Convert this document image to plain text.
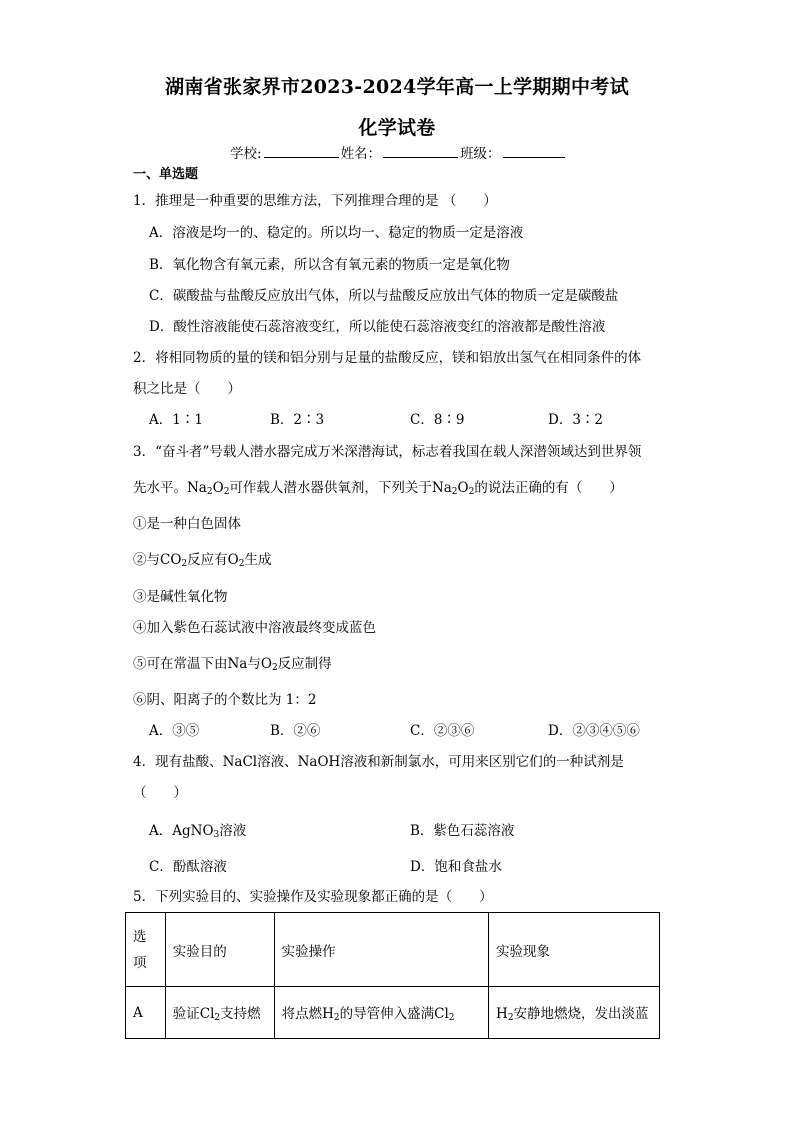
湖南省张家界市2023-2024学年高一上学期期中考试
化学试卷
学校:	姓名：	班级：
一、单选题
1．推理是一种重要的思维方法，下列推理合理的是 （　　）
A．溶液是均一的、稳定的。所以均一、稳定的物质一定是溶液
B．氧化物含有氧元素，所以含有氧元素的物质一定是氧化物
C．碳酸盐与盐酸反应放出气体，所以与盐酸反应放出气体的物质一定是碳酸盐
D．酸性溶液能使石蕊溶液变红，所以能使石蕊溶液变红的溶液都是酸性溶液
2．将相同物质的量的镁和铝分别与足量的盐酸反应，镁和铝放出氢气在相同条件的体
积之比是（　　）
A．1∶1	B．2∶3	C．8∶9	D．3∶2
3．“奋斗者”号载人潜水器完成万米深潜海试，标志着我国在载人深潜领域达到世界领
先水平。$Na_2O_2$可作载人潜水器供氧剂，下列关于$Na_2O_2$的说法正确的有（　　）
①是一种白色固体
②与$CO_2$反应有$O_2$生成
③是碱性氧化物
④加入紫色石蕊试液中溶液最终变成蓝色
⑤可在常温下由Na与$O_2$反应制得
⑥阴、阳离子的个数比为 1：2
A．③⑤	B．②⑥	C．②③⑥	D．②③④⑤⑥
4．现有盐酸、NaCl溶液、NaOH溶液和新制氯水，可用来区别它们的一种试剂是
（　　）
A．AgNO$_3$溶液	B．紫色石蕊溶液
C．酚酞溶液	D．饱和食盐水
5．下列实验目的、实验操作及实验现象都正确的是（　　）
选项	实验目的	实验操作	实验现象
A	验证$Cl_2$支持燃	将点燃$H_2$的导管伸入盛满$Cl_2$	$H_2$安静地燃烧，发出淡蓝
